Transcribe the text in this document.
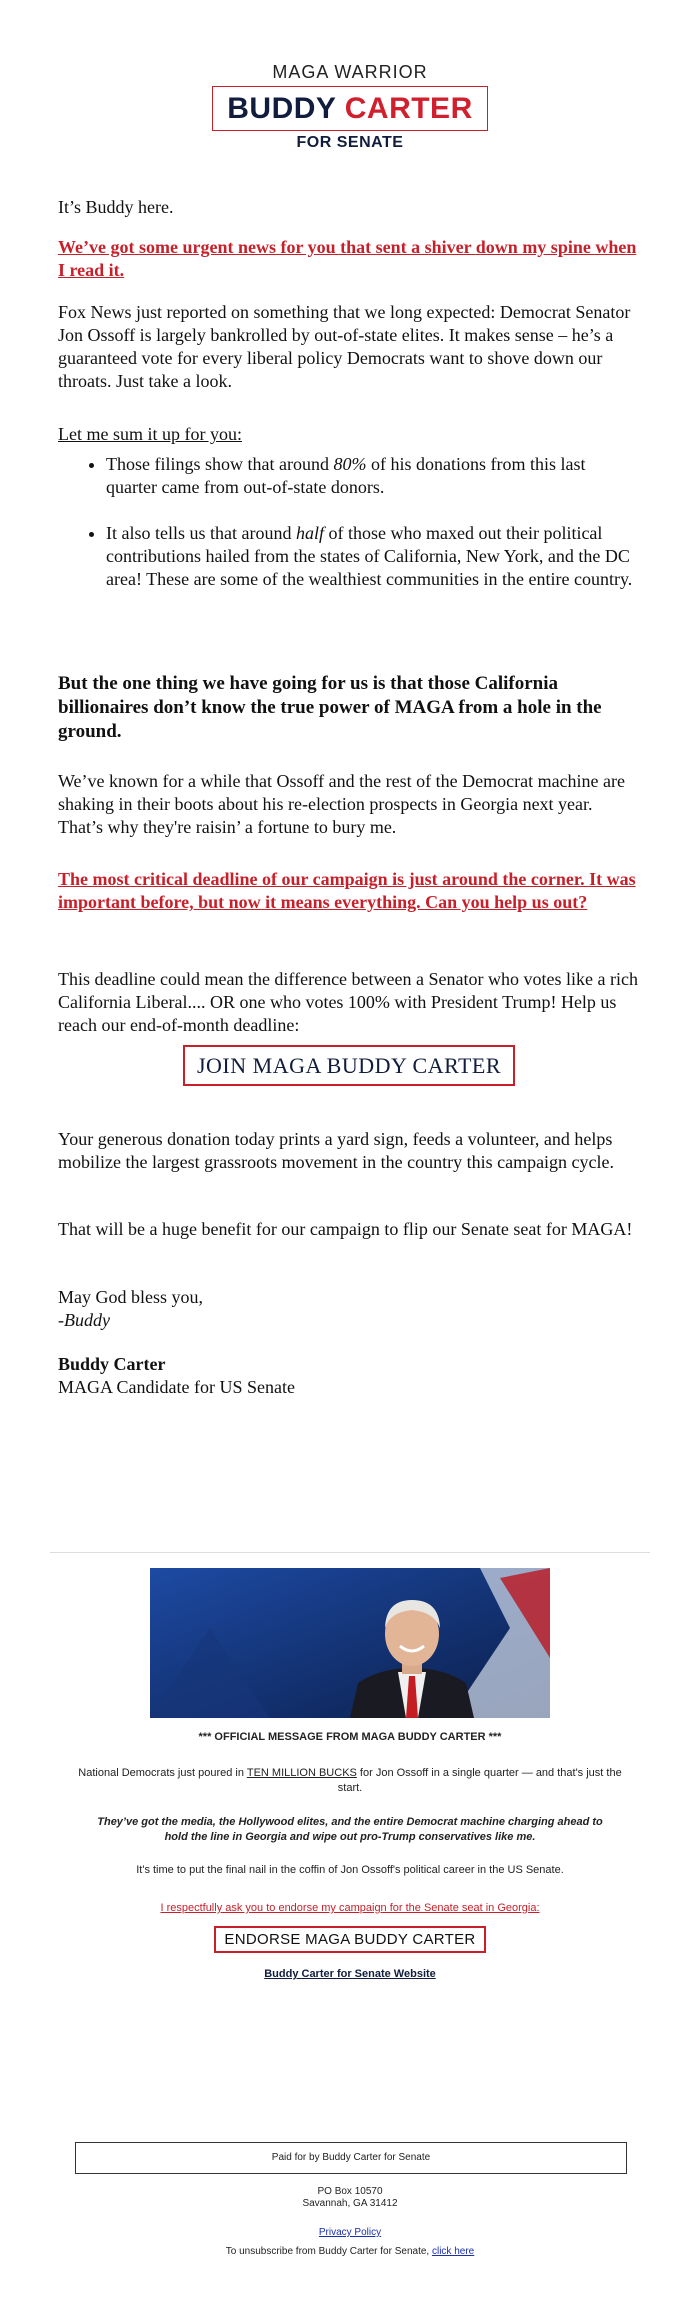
MAGA WARRIOR
BUDDY CARTER
FOR SENATE

It’s Buddy here.

We’ve got some urgent news for you that sent a shiver down my spine when I read it.

Fox News just reported on something that we long expected: Democrat Senator Jon Ossoff is largely bankrolled by out-of-state elites. It makes sense – he’s a guaranteed vote for every liberal policy Democrats want to shove down our throats. Just take a look.

Let me sum it up for you:

• Those filings show that around 80% of his donations from this last quarter came from out-of-state donors.
• It also tells us that around half of those who maxed out their political contributions hailed from the states of California, New York, and the DC area! These are some of the wealthiest communities in the entire country.

But the one thing we have going for us is that those California billionaires don’t know the true power of MAGA from a hole in the ground.

We’ve known for a while that Ossoff and the rest of the Democrat machine are shaking in their boots about his re-election prospects in Georgia next year. That’s why they're raisin’ a fortune to bury me.

The most critical deadline of our campaign is just around the corner. It was important before, but now it means everything. Can you help us out?

This deadline could mean the difference between a Senator who votes like a rich California Liberal.... OR one who votes 100% with President Trump! Help us reach our end-of-month deadline:

JOIN MAGA BUDDY CARTER

Your generous donation today prints a yard sign, feeds a volunteer, and helps mobilize the largest grassroots movement in the country this campaign cycle.

That will be a huge benefit for our campaign to flip our Senate seat for MAGA!

May God bless you,

-Buddy

Buddy Carter

MAGA Candidate for US Senate

*** OFFICIAL MESSAGE FROM MAGA BUDDY CARTER ***
National Democrats just poured in TEN MILLION BUCKS for Jon Ossoff in a single quarter — and that's just the start.
They’ve got the media, the Hollywood elites, and the entire Democrat machine charging ahead to hold the line in Georgia and wipe out pro-Trump conservatives like me.
It's time to put the final nail in the coffin of Jon Ossoff's political career in the US Senate.
I respectfully ask you to endorse my campaign for the Senate seat in Georgia:
ENDORSE MAGA BUDDY CARTER
Buddy Carter for Senate Website
Paid for by Buddy Carter for Senate
PO Box 10570
Savannah, GA 31412
Privacy Policy
To unsubscribe from Buddy Carter for Senate, click here
